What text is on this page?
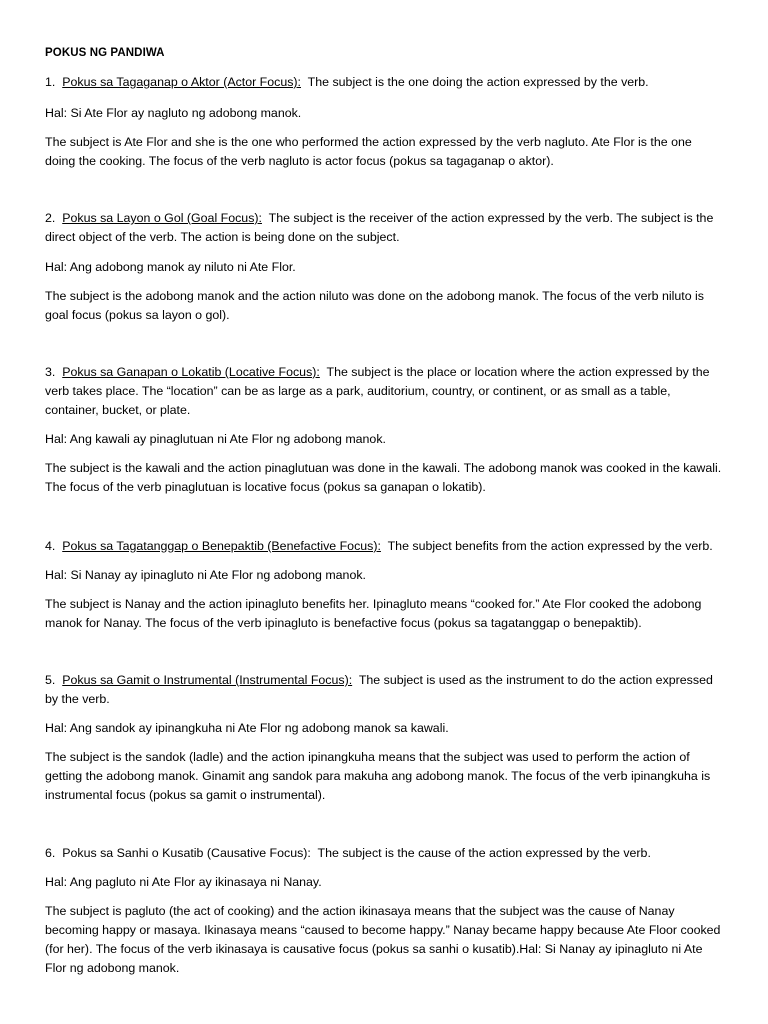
POKUS NG PANDIWA

1. Pokus sa Tagaganap o Aktor (Actor Focus): The subject is the one doing the action expressed by the verb.

Hal: Si Ate Flor ay nagluto ng adobong manok.
The subject is Ate Flor and she is the one who performed the action expressed by the verb nagluto. Ate Flor is the one doing the cooking. The focus of the verb nagluto is actor focus (pokus sa tagaganap o aktor).

2. Pokus sa Layon o Gol (Goal Focus): The subject is the receiver of the action expressed by the verb. The subject is the direct object of the verb. The action is being done on the subject.

Hal: Ang adobong manok ay niluto ni Ate Flor.
The subject is the adobong manok and the action niluto was done on the adobong manok. The focus of the verb niluto is goal focus (pokus sa layon o gol).

3. Pokus sa Ganapan o Lokatib (Locative Focus): The subject is the place or location where the action expressed by the verb takes place. The “location” can be as large as a park, auditorium, country, or continent, or as small as a table, container, bucket, or plate.

Hal: Ang kawali ay pinaglutuan ni Ate Flor ng adobong manok.
The subject is the kawali and the action pinaglutuan was done in the kawali. The adobong manok was cooked in the kawali. The focus of the verb pinaglutuan is locative focus (pokus sa ganapan o lokatib).

4. Pokus sa Tagatanggap o Benepaktib (Benefactive Focus): The subject benefits from the action expressed by the verb.

Hal: Si Nanay ay ipinagluto ni Ate Flor ng adobong manok.
The subject is Nanay and the action ipinagluto benefits her. Ipinagluto means “cooked for.” Ate Flor cooked the adobong manok for Nanay. The focus of the verb ipinagluto is benefactive focus (pokus sa tagatanggap o benepaktib).

5. Pokus sa Gamit o Instrumental (Instrumental Focus): The subject is used as the instrument to do the action expressed by the verb.

Hal: Ang sandok ay ipinangkuha ni Ate Flor ng adobong manok sa kawali.
The subject is the sandok (ladle) and the action ipinangkuha means that the subject was used to perform the action of getting the adobong manok. Ginamit ang sandok para makuha ang adobong manok. The focus of the verb ipinangkuha is instrumental focus (pokus sa gamit o instrumental).

6. Pokus sa Sanhi o Kusatib (Causative Focus): The subject is the cause of the action expressed by the verb.

Hal: Ang pagluto ni Ate Flor ay ikinasaya ni Nanay.
The subject is pagluto (the act of cooking) and the action ikinasaya means that the subject was the cause of Nanay becoming happy or masaya. Ikinasaya means “caused to become happy.” Nanay became happy because Ate Floor cooked (for her). The focus of the verb ikinasaya is causative focus (pokus sa sanhi o kusatib).Hal: Si Nanay ay ipinagluto ni Ate Flor ng adobong manok.
